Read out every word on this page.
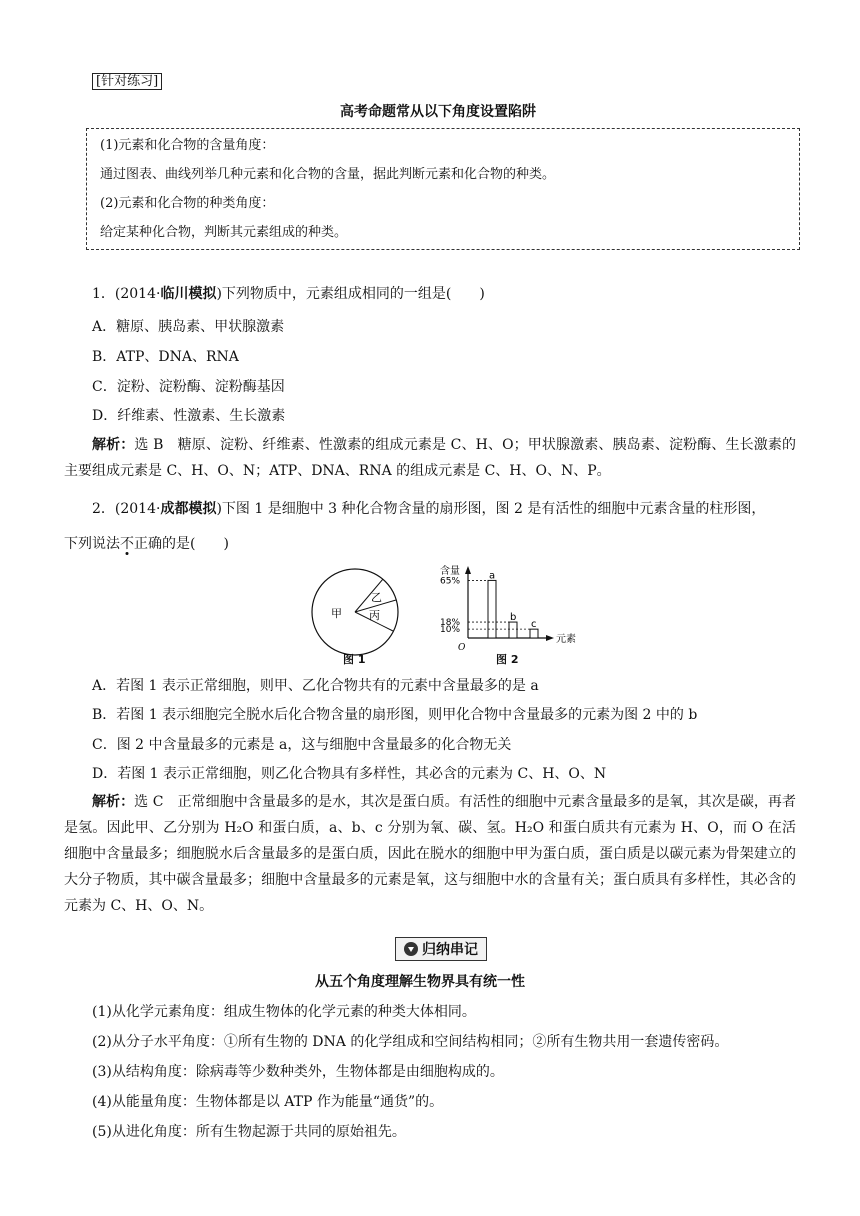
[针对练习]
高考命题常从以下角度设置陷阱
(1)元素和化合物的含量角度：
通过图表、曲线列举几种元素和化合物的含量，据此判断元素和化合物的种类。
(2)元素和化合物的种类角度：
给定某种化合物，判断其元素组成的种类。
1．(2014·临川模拟)下列物质中，元素组成相同的一组是(　　)
A．糖原、胰岛素、甲状腺激素
B．ATP、DNA、RNA
C．淀粉、淀粉酶、淀粉酶基因
D．纤维素、性激素、生长激素
解析：选 B　糖原、淀粉、纤维素、性激素的组成元素是 C、H、O；甲状腺激素、胰岛素、淀粉酶、生长激素的主要组成元素是 C、H、O、N；ATP、DNA、RNA 的组成元素是 C、H、O、N、P。
2．(2014·成都模拟)下图 1 是细胞中 3 种化合物含量的扇形图，图 2 是有活性的细胞中元素含量的柱形图，
下列说法不正确的是(　　)
甲
乙
丙
图 1
含量
元素
O
a
65%
b
18%	c
10%
图 2
A．若图 1 表示正常细胞，则甲、乙化合物共有的元素中含量最多的是 a
B．若图 1 表示细胞完全脱水后化合物含量的扇形图，则甲化合物中含量最多的元素为图 2 中的 b
C．图 2 中含量最多的元素是 a，这与细胞中含量最多的化合物无关
D．若图 1 表示正常细胞，则乙化合物具有多样性，其必含的元素为 C、H、O、N
解析：选 C　正常细胞中含量最多的是水，其次是蛋白质。有活性的细胞中元素含量最多的是氧，其次是碳，再者是氢。因此甲、乙分别为 H₂O 和蛋白质，a、b、c 分别为氧、碳、氢。H₂O 和蛋白质共有元素为 H、O，而 O 在活细胞中含量最多；细胞脱水后含量最多的是蛋白质，因此在脱水的细胞中甲为蛋白质，蛋白质是以碳元素为骨架建立的大分子物质，其中碳含量最多；细胞中含量最多的元素是氧，这与细胞中水的含量有关；蛋白质具有多样性，其必含的元素为 C、H、O、N。
归纳串记
从五个角度理解生物界具有统一性
(1)从化学元素角度：组成生物体的化学元素的种类大体相同。
(2)从分子水平角度：①所有生物的 DNA 的化学组成和空间结构相同；②所有生物共用一套遗传密码。
(3)从结构角度：除病毒等少数种类外，生物体都是由细胞构成的。
(4)从能量角度：生物体都是以 ATP 作为能量“通货”的。
(5)从进化角度：所有生物起源于共同的原始祖先。
